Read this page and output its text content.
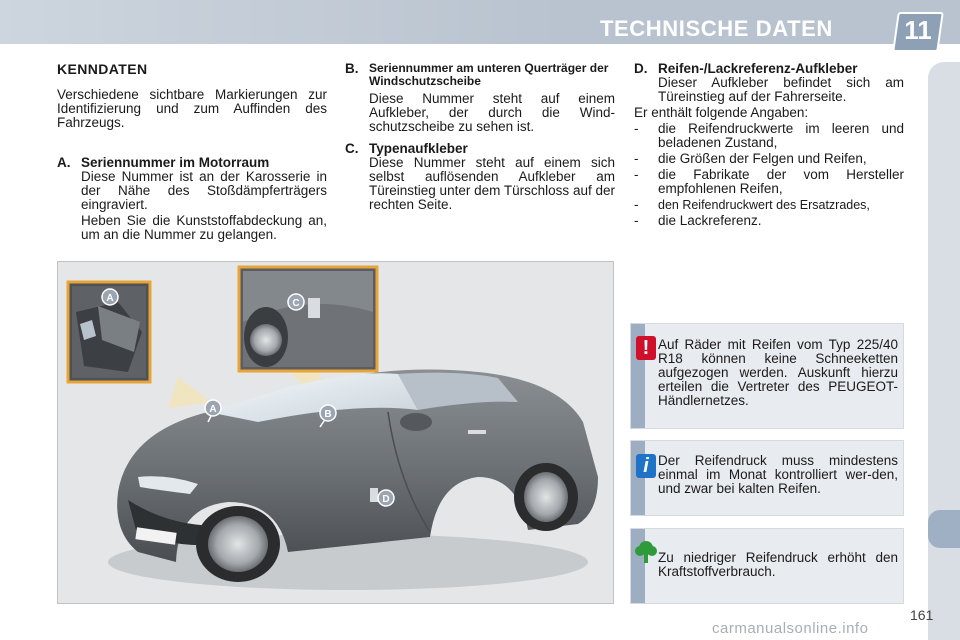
TECHNISCHE DATEN	11
KENNDATEN
Verschiedene sichtbare Markierungen zur Identifizierung und zum Auffinden des Fahrzeugs.
A. Seriennummer im Motorraum
Diese Nummer ist an der Karosserie in der Nähe des Stoßdämpferträgers eingraviert.
Heben Sie die Kunststoffabdeckung an, um an die Nummer zu gelangen.
B. Seriennummer am unteren Querträger der Windschutzscheibe
Diese Nummer steht auf einem Aufkleber, der durch die Wind-schutzscheibe zu sehen ist.
C. Typenaufkleber
Diese Nummer steht auf einem sich selbst auflösenden Aufkleber am Türeinstieg unter dem Türschloss auf der rechten Seite.
D. Reifen-/Lackreferenz-Aufkleber
Dieser Aufkleber befindet sich am Türeinstieg auf der Fahrerseite.
Er enthält folgende Angaben:
-	die Reifendruckwerte im leeren und beladenen Zustand,
-	die Größen der Felgen und Reifen,
-	die Fabrikate der vom Hersteller empfohlenen Reifen,
-	den Reifendruckwert des Ersatzrades,
-	die Lackreferenz.
A	C
A	B
D
C
! Auf Räder mit Reifen vom Typ 225/40 R18 können keine Schneeketten aufgezogen werden. Auskunft hierzu erteilen die Vertreter des PEUGEOT-Händlernetzes.
i Der Reifendruck muss mindestens einmal im Monat kontrolliert wer-den, und zwar bei kalten Reifen.
Zu niedriger Reifendruck erhöht den Kraftstoffverbrauch.
161
carmanualsonline.info
